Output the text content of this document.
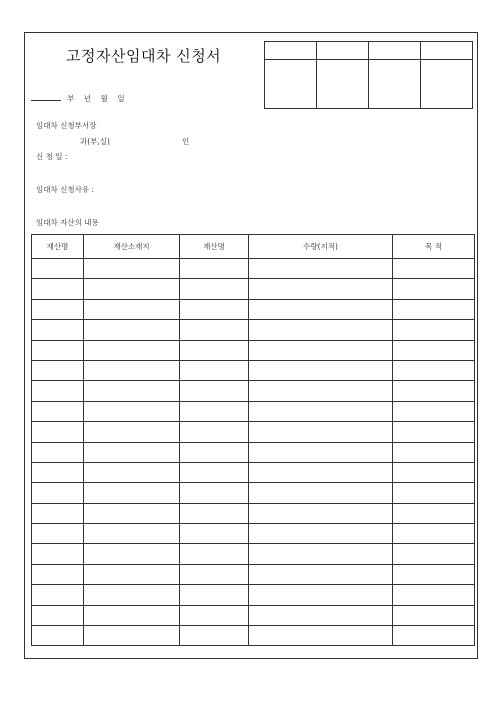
고정자산임대차 신청서

부    년    월    일
임대차 신청부서장
과(부,실)	인
신 청 일 :
임대차 신청사유 :
임대차 자산의 내용
재산명	재산소재지	재산명	수량(지적)	목 적
